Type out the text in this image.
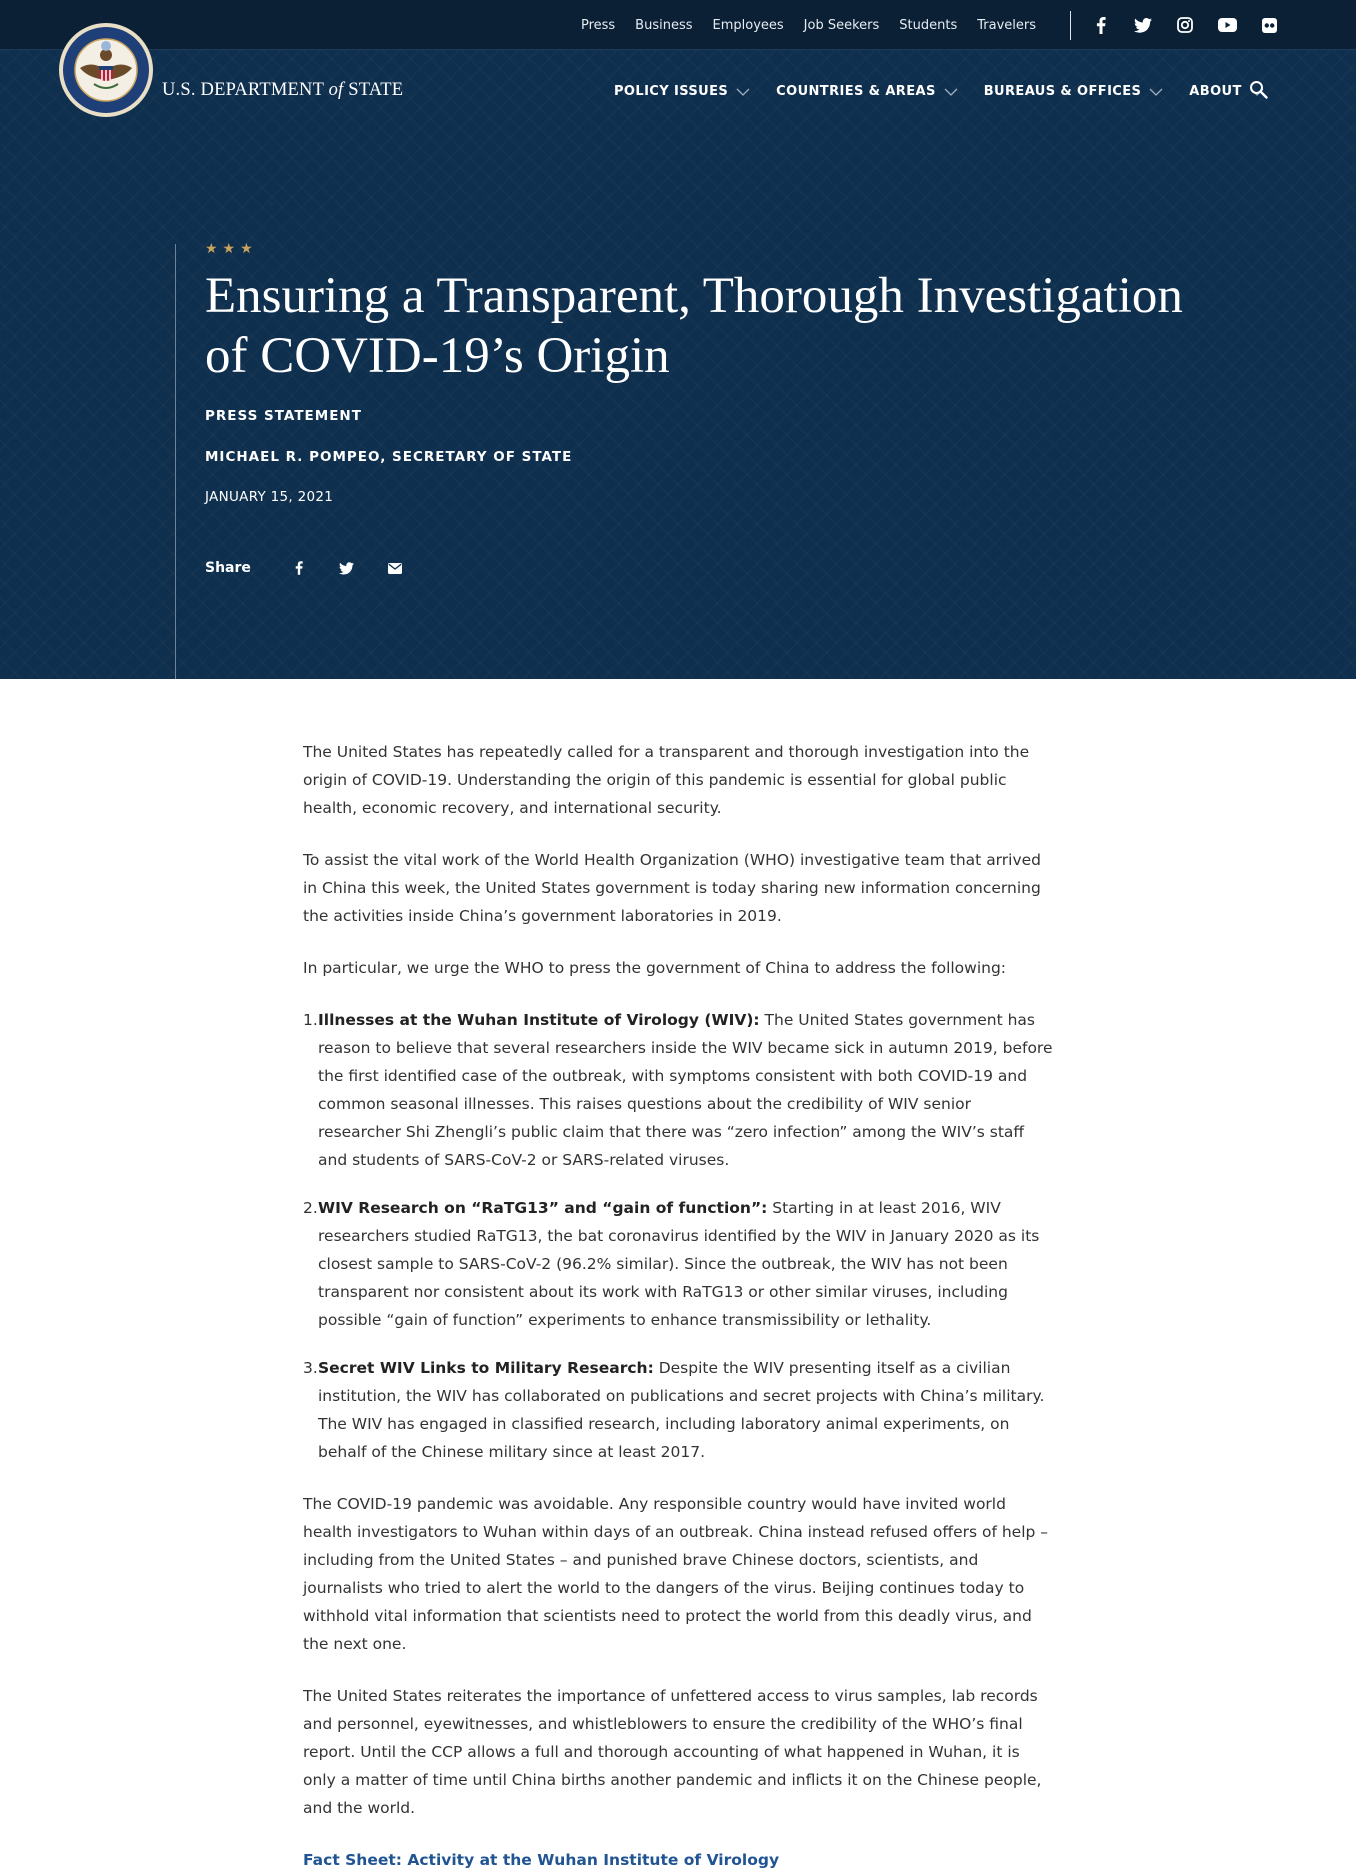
Press Business Employees Job Seekers Students Travelers
U.S. DEPARTMENT of STATE	POLICY ISSUES	COUNTRIES & AREAS	BUREAUS & OFFICES	ABOUT
★★★
Ensuring a Transparent, Thorough Investigation of COVID-19’s Origin
PRESS STATEMENT
MICHAEL R. POMPEO, SECRETARY OF STATE
JANUARY 15, 2021
Share

The United States has repeatedly called for a transparent and thorough investigation into the origin of COVID-19. Understanding the origin of this pandemic is essential for global public health, economic recovery, and international security.

To assist the vital work of the World Health Organization (WHO) investigative team that arrived in China this week, the United States government is today sharing new information concerning the activities inside China’s government laboratories in 2019.

In particular, we urge the WHO to press the government of China to address the following:

1. Illnesses at the Wuhan Institute of Virology (WIV): The United States government has reason to believe that several researchers inside the WIV became sick in autumn 2019, before the first identified case of the outbreak, with symptoms consistent with both COVID-19 and common seasonal illnesses. This raises questions about the credibility of WIV senior researcher Shi Zhengli’s public claim that there was “zero infection” among the WIV’s staff and students of SARS-CoV-2 or SARS-related viruses.
2. WIV Research on “RaTG13” and “gain of function”: Starting in at least 2016, WIV researchers studied RaTG13, the bat coronavirus identified by the WIV in January 2020 as its closest sample to SARS-CoV-2 (96.2% similar). Since the outbreak, the WIV has not been transparent nor consistent about its work with RaTG13 or other similar viruses, including possible “gain of function” experiments to enhance transmissibility or lethality.
3. Secret WIV Links to Military Research: Despite the WIV presenting itself as a civilian institution, the WIV has collaborated on publications and secret projects with China’s military. The WIV has engaged in classified research, including laboratory animal experiments, on behalf of the Chinese military since at least 2017.

The COVID-19 pandemic was avoidable. Any responsible country would have invited world health investigators to Wuhan within days of an outbreak. China instead refused offers of help – including from the United States – and punished brave Chinese doctors, scientists, and journalists who tried to alert the world to the dangers of the virus. Beijing continues today to withhold vital information that scientists need to protect the world from this deadly virus, and the next one.

The United States reiterates the importance of unfettered access to virus samples, lab records and personnel, eyewitnesses, and whistleblowers to ensure the credibility of the WHO’s final report. Until the CCP allows a full and thorough accounting of what happened in Wuhan, it is only a matter of time until China births another pandemic and inflicts it on the Chinese people, and the world.

Fact Sheet: Activity at the Wuhan Institute of Virology
